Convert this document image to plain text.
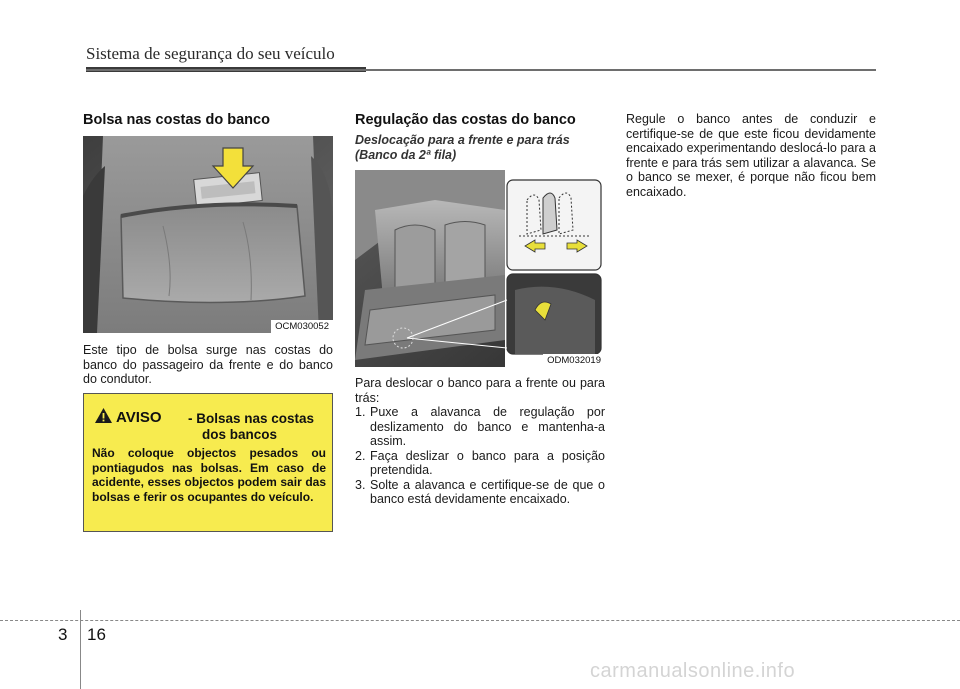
Sistema de segurança do seu veículo
Bolsa nas costas do banco
OCM030052
Este tipo de bolsa surge nas costas do banco do passageiro da frente e do banco do condutor.
AVISO - Bolsas nas costas
dos bancos
Não coloque objectos pesados ou pontiagudos nas bolsas. Em caso de acidente, esses objectos podem sair das bolsas e ferir os ocupantes do veículo.
Regulação das costas do banco
Deslocação para a frente e para trás
(Banco da 2ª fila)
ODM032019
Para deslocar o banco para a frente ou para trás:
1. Puxe a alavanca de regulação por deslizamento do banco e mantenha-a assim.
2. Faça deslizar o banco para a posição pretendida.
3. Solte a alavanca e certifique-se de que o banco está devidamente encaixado.
Regule o banco antes de conduzir e certifique-se de que este ficou devidamente encaixado experimentando deslocá-lo para a frente e para trás sem utilizar a alavanca. Se o banco se mexer, é porque não ficou bem encaixado.
3 16
carmanualsonline.info
